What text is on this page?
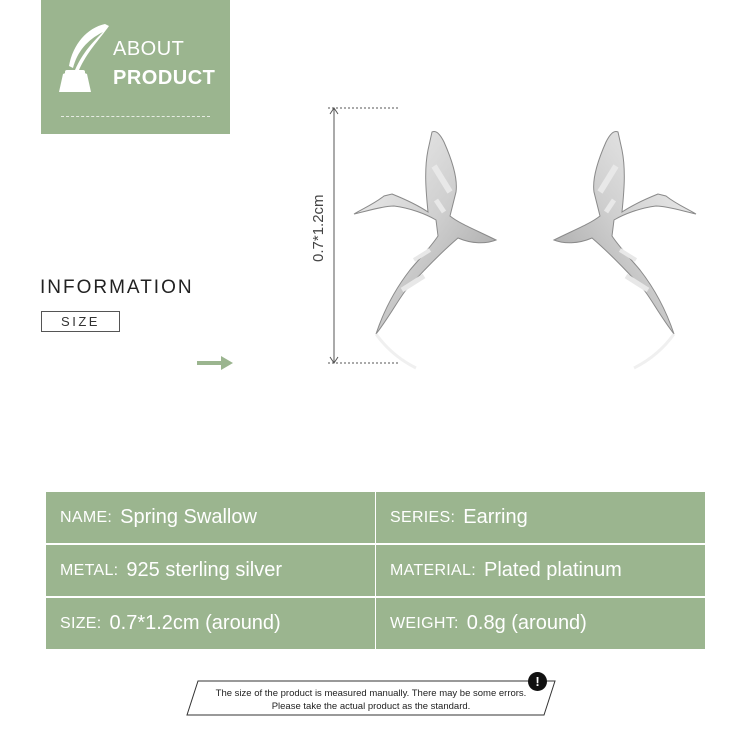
ABOUT
PRODUCT
INFORMATION
SIZE
0.7*1.2cm
NAME: Spring Swallow	SERIES: Earring
METAL: 925 sterling silver	MATERIAL: Plated platinum
SIZE: 0.7*1.2cm (around)	WEIGHT: 0.8g (around)
The size of the product is measured manually. There may be some errors.
Please take the actual product as the standard.
!
